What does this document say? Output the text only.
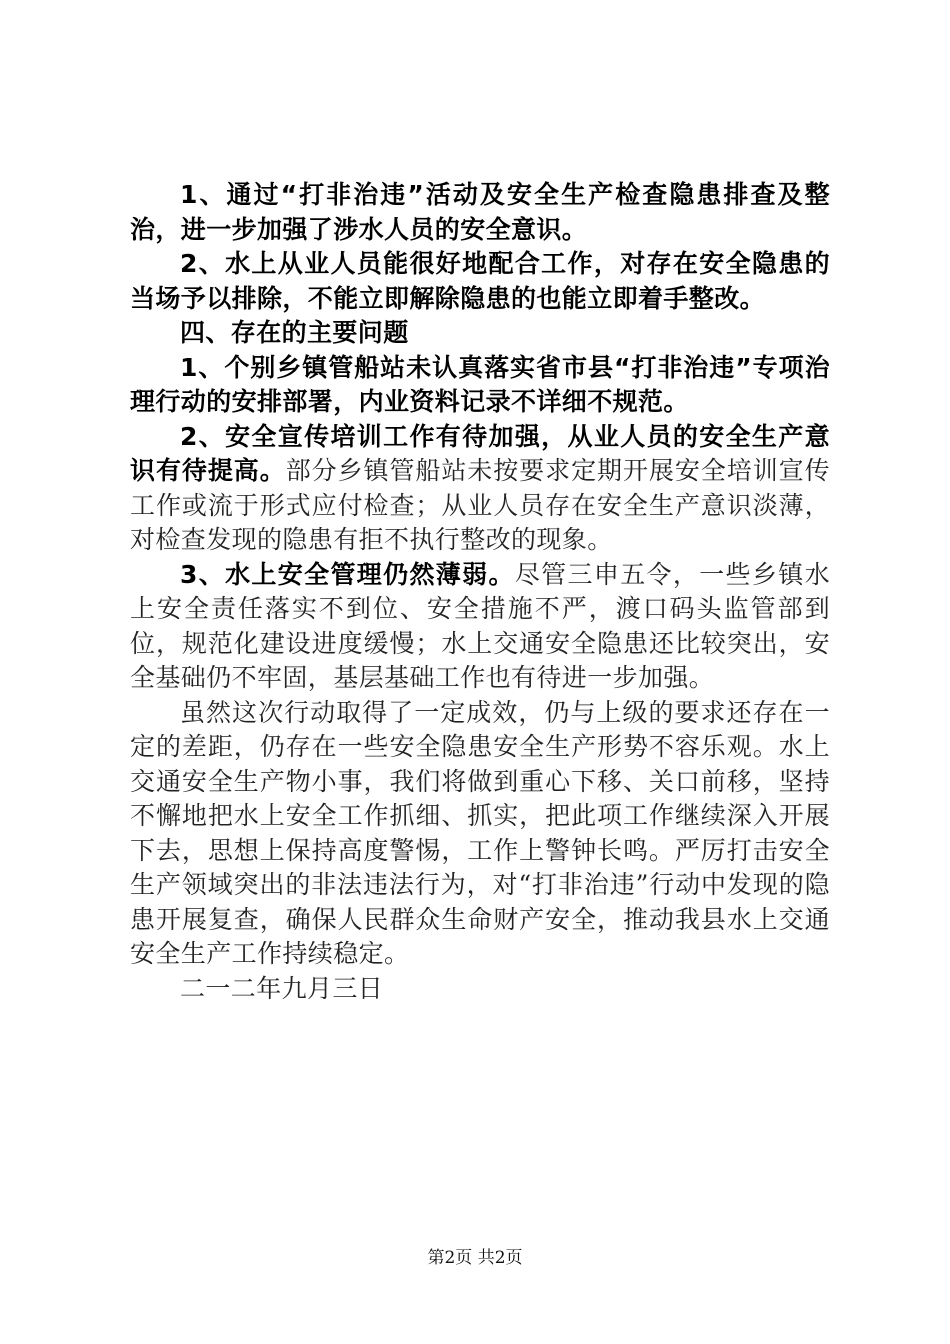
1、通过“打非治违”活动及安全生产检查隐患排查及整治，进一步加强了涉水人员的安全意识。

2、水上从业人员能很好地配合工作，对存在安全隐患的当场予以排除，不能立即解除隐患的也能立即着手整改。

四、存在的主要问题

1、个别乡镇管船站未认真落实省市县“打非治违”专项治理行动的安排部署，内业资料记录不详细不规范。

2、安全宣传培训工作有待加强，从业人员的安全生产意识有待提高。部分乡镇管船站未按要求定期开展安全培训宣传工作或流于形式应付检查；从业人员存在安全生产意识淡薄，对检查发现的隐患有拒不执行整改的现象。

3、水上安全管理仍然薄弱。尽管三申五令，一些乡镇水上安全责任落实不到位、安全措施不严，渡口码头监管部到位，规范化建设进度缓慢；水上交通安全隐患还比较突出，安全基础仍不牢固，基层基础工作也有待进一步加强。

虽然这次行动取得了一定成效，仍与上级的要求还存在一定的差距，仍存在一些安全隐患安全生产形势不容乐观。水上交通安全生产物小事，我们将做到重心下移、关口前移，坚持不懈地把水上安全工作抓细、抓实，把此项工作继续深入开展下去，思想上保持高度警惕，工作上警钟长鸣。严厉打击安全生产领域突出的非法违法行为，对“打非治违”行动中发现的隐患开展复查，确保人民群众生命财产安全，推动我县水上交通安全生产工作持续稳定。

二一二年九月三日

第2页 共2页
